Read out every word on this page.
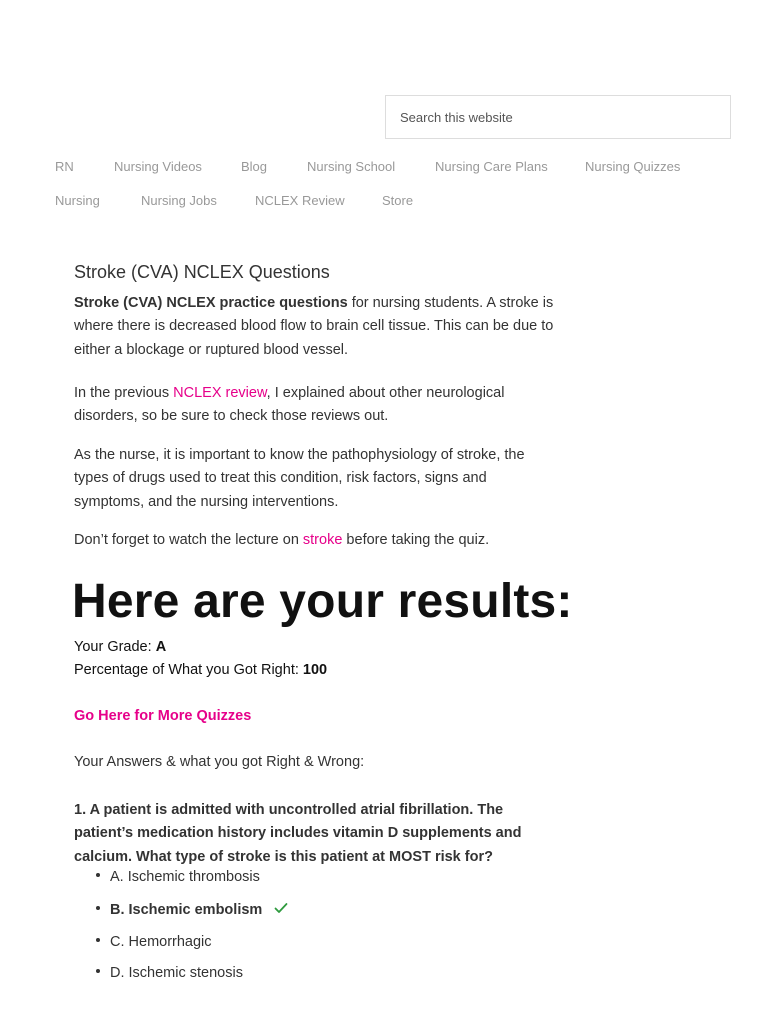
Search this website
RN	Nursing Videos	Blog	Nursing School	Nursing Care Plans	Nursing Quizzes
Nursing	Nursing Jobs	NCLEX Review	Store
Stroke (CVA) NCLEX Questions

Stroke (CVA) NCLEX practice questions for nursing students. A stroke is where there is decreased blood flow to brain cell tissue. This can be due to either a blockage or ruptured blood vessel.

In the previous NCLEX review, I explained about other neurological disorders, so be sure to check those reviews out.

As the nurse, it is important to know the pathophysiology of stroke, the types of drugs used to treat this condition, risk factors, signs and symptoms, and the nursing interventions.

Don’t forget to watch the lecture on stroke before taking the quiz.

Here are your results:
Your Grade: A
Percentage of What you Got Right: 100
Go Here for More Quizzes
Your Answers & what you got Right & Wrong:

1. A patient is admitted with uncontrolled atrial fibrillation. The patient’s medication history includes vitamin D supplements and calcium. What type of stroke is this patient at MOST risk for?

A. Ischemic thrombosis
B. Ischemic embolism
C. Hemorrhagic
D. Ischemic stenosis
